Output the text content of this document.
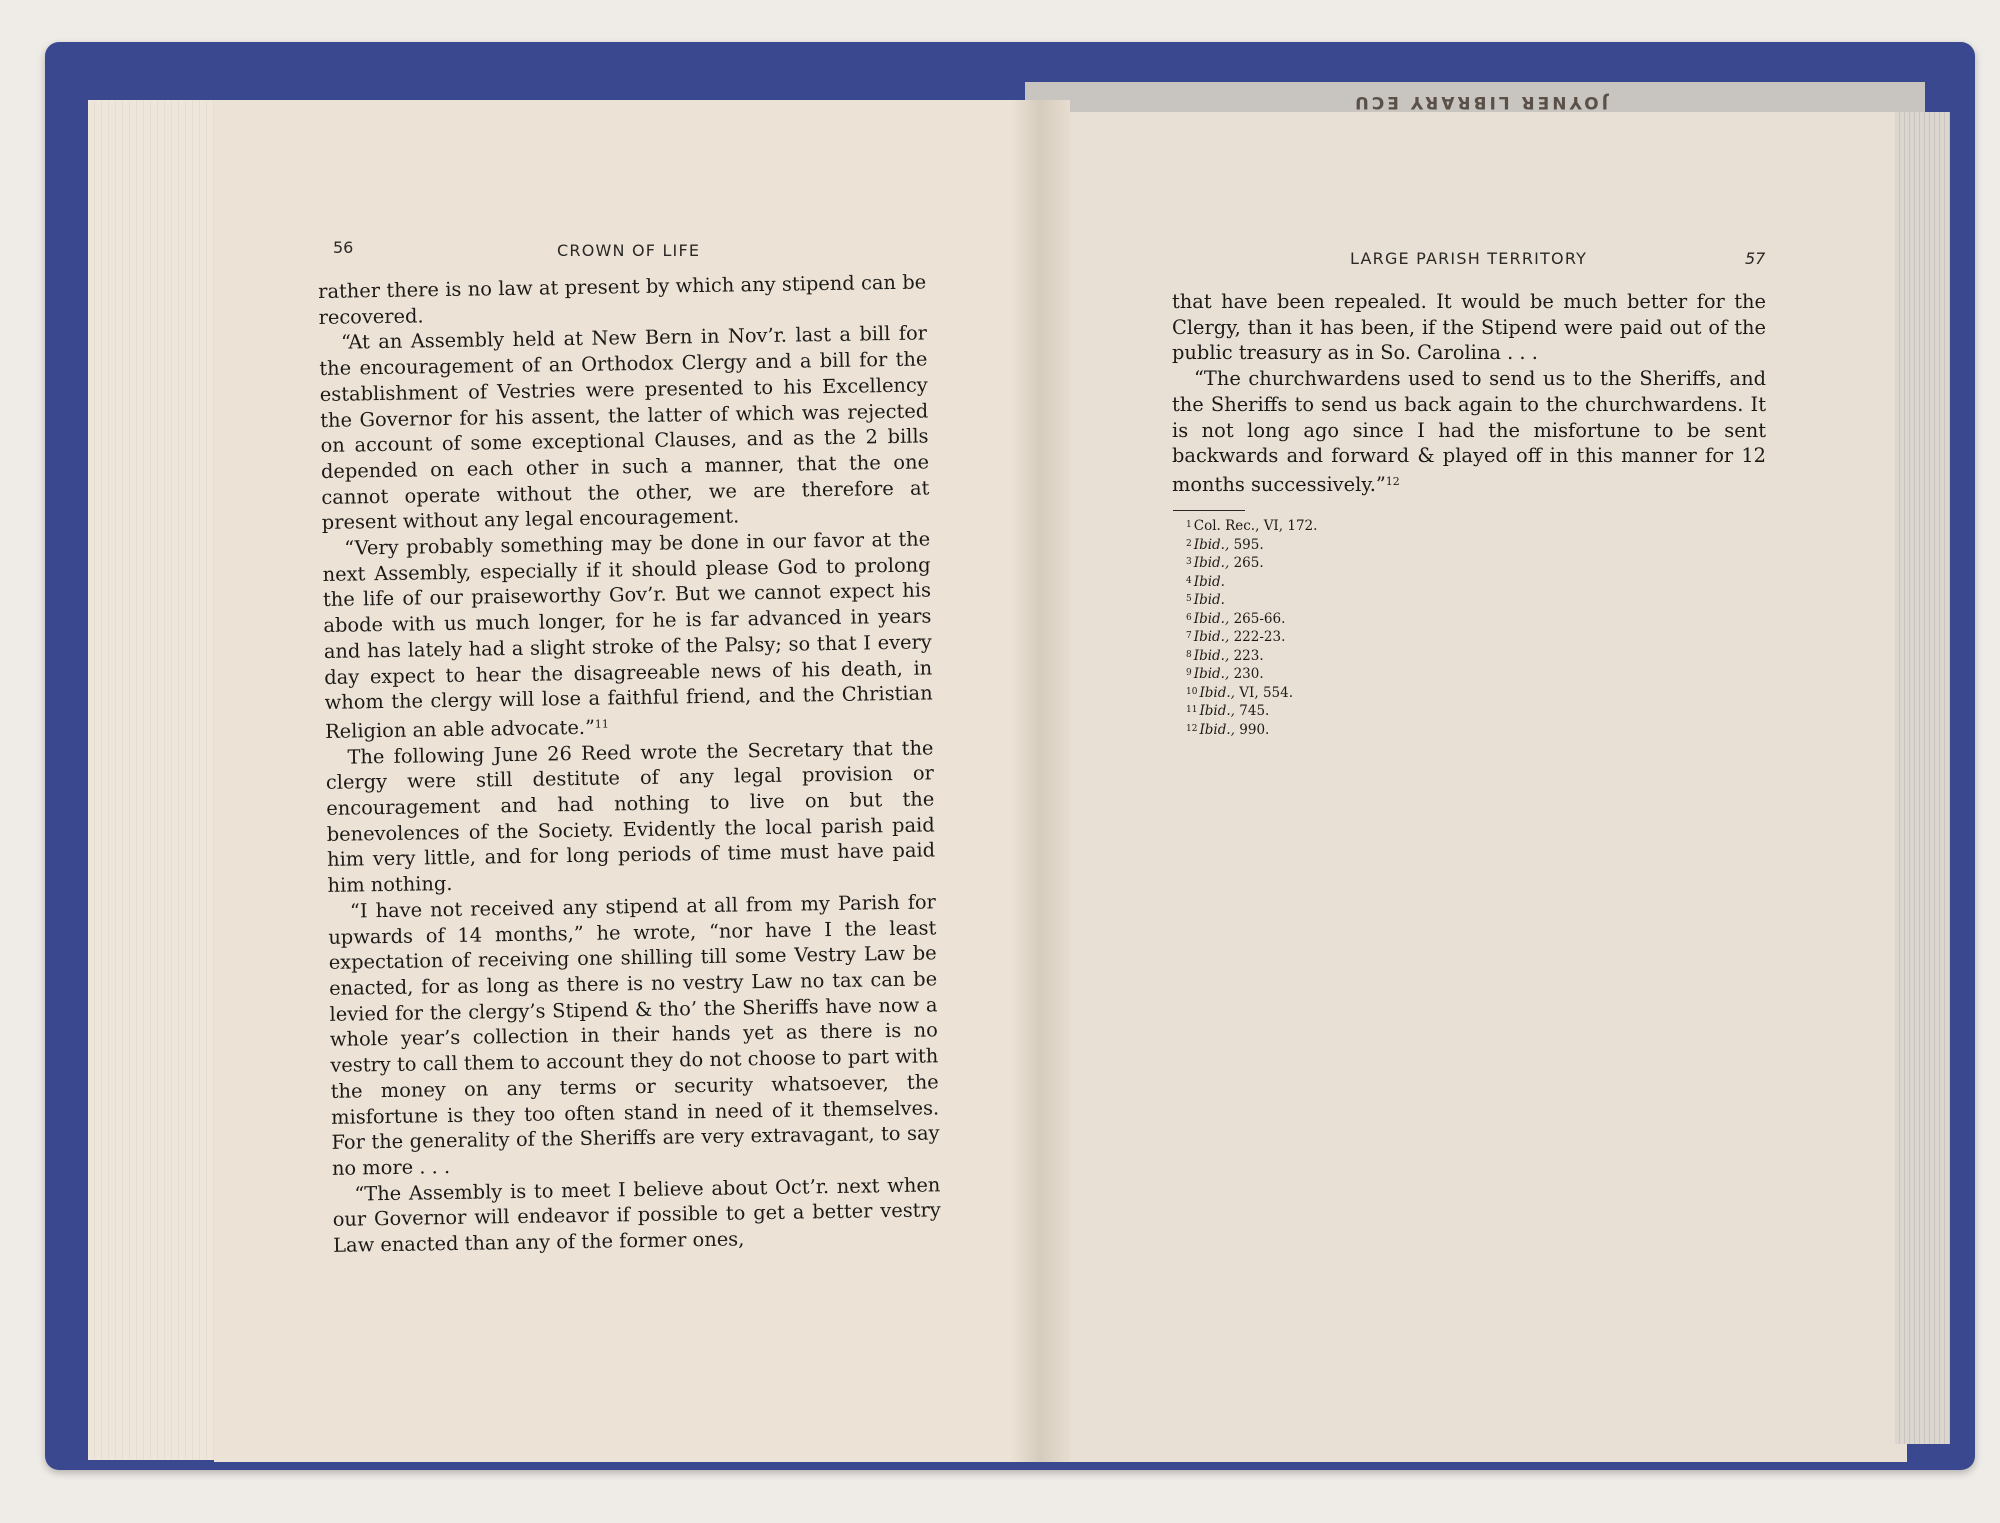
JOYNER LIBRARY ECU
56	CROWN OF LIFE

rather there is no law at present by which any stipend can be recovered.

“At an Assembly held at New Bern in Nov’r. last a bill for the encouragement of an Orthodox Clergy and a bill for the establishment of Vestries were presented to his Excellency the Governor for his assent, the latter of which was rejected on account of some exceptional Clauses, and as the 2 bills depended on each other in such a manner, that the one cannot operate without the other, we are therefore at present without any legal encouragement.

“Very probably something may be done in our favor at the next Assembly, especially if it should please God to prolong the life of our praiseworthy Gov’r. But we cannot expect his abode with us much longer, for he is far advanced in years and has lately had a slight stroke of the Palsy; so that I every day expect to hear the disagreeable news of his death, in whom the clergy will lose a faithful friend, and the Christian Religion an able advocate.”$^{11}$

The following June 26 Reed wrote the Secretary that the clergy were still destitute of any legal provision or encouragement and had nothing to live on but the benevolences of the Society. Evidently the local parish paid him very little, and for long periods of time must have paid him nothing.

“I have not received any stipend at all from my Parish for upwards of 14 months,” he wrote, “nor have I the least expectation of receiving one shilling till some Vestry Law be enacted, for as long as there is no vestry Law no tax can be levied for the clergy’s Stipend & tho’ the Sheriffs have now a whole year’s collection in their hands yet as there is no vestry to call them to account they do not choose to part with the money on any terms or security whatsoever, the misfortune is they too often stand in need of it themselves. For the generality of the Sheriffs are very extravagant, to say no more . . .

“The Assembly is to meet I believe about Oct’r. next when our Governor will endeavor if possible to get a better vestry Law enacted than any of the former ones,

LARGE PARISH TERRITORY	57

that have been repealed. It would be much better for the Clergy, than it has been, if the Stipend were paid out of the public treasury as in So. Carolina . . .

“The churchwardens used to send us to the Sheriffs, and the Sheriffs to send us back again to the churchwardens. It is not long ago since I had the misfortune to be sent backwards and forward & played off in this manner for 12 months successively.”$^{12}$

$^1$ Col. Rec., VI, 172.
$^2$ Ibid., 595.
$^3$ Ibid., 265.
$^4$ Ibid.
$^5$ Ibid.
$^6$ Ibid., 265-66.
$^7$ Ibid., 222-23.
$^8$ Ibid., 223.
$^9$ Ibid., 230.
$^{10}$ Ibid., VI, 554.
$^{11}$ Ibid., 745.
$^{12}$ Ibid., 990.
